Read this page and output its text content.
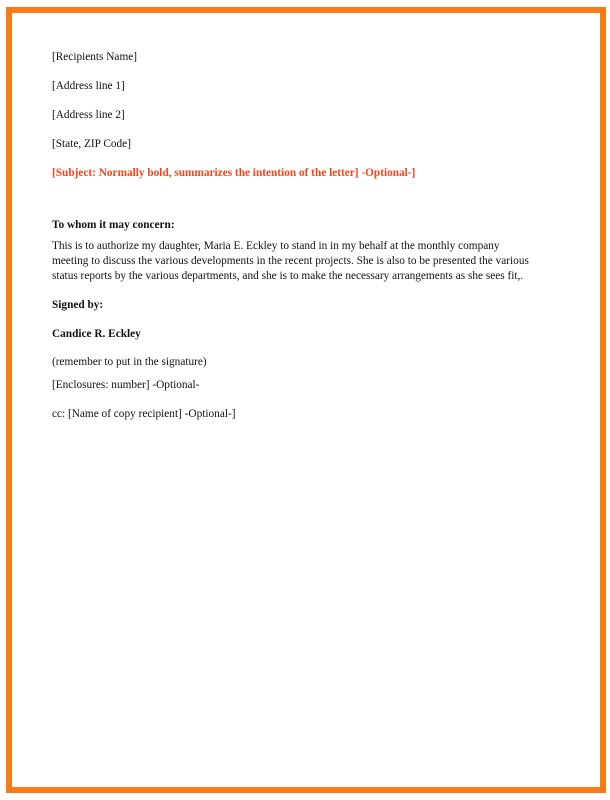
[Recipients Name]

[Address line 1]

[Address line 2]

[State, ZIP Code]

[Subject: Normally bold, summarizes the intention of the letter] -Optional-]

To whom it may concern:

This is to authorize my daughter, Maria E. Eckley to stand in in my behalf at the monthly company
meeting to discuss the various developments in the recent projects. She is also to be presented the various
status reports by the various departments, and she is to make the necessary arrangements as she sees fit,.

Signed by:

Candice R. Eckley

(remember to put in the signature)

[Enclosures: number] -Optional-

cc: [Name of copy recipient] -Optional-]
